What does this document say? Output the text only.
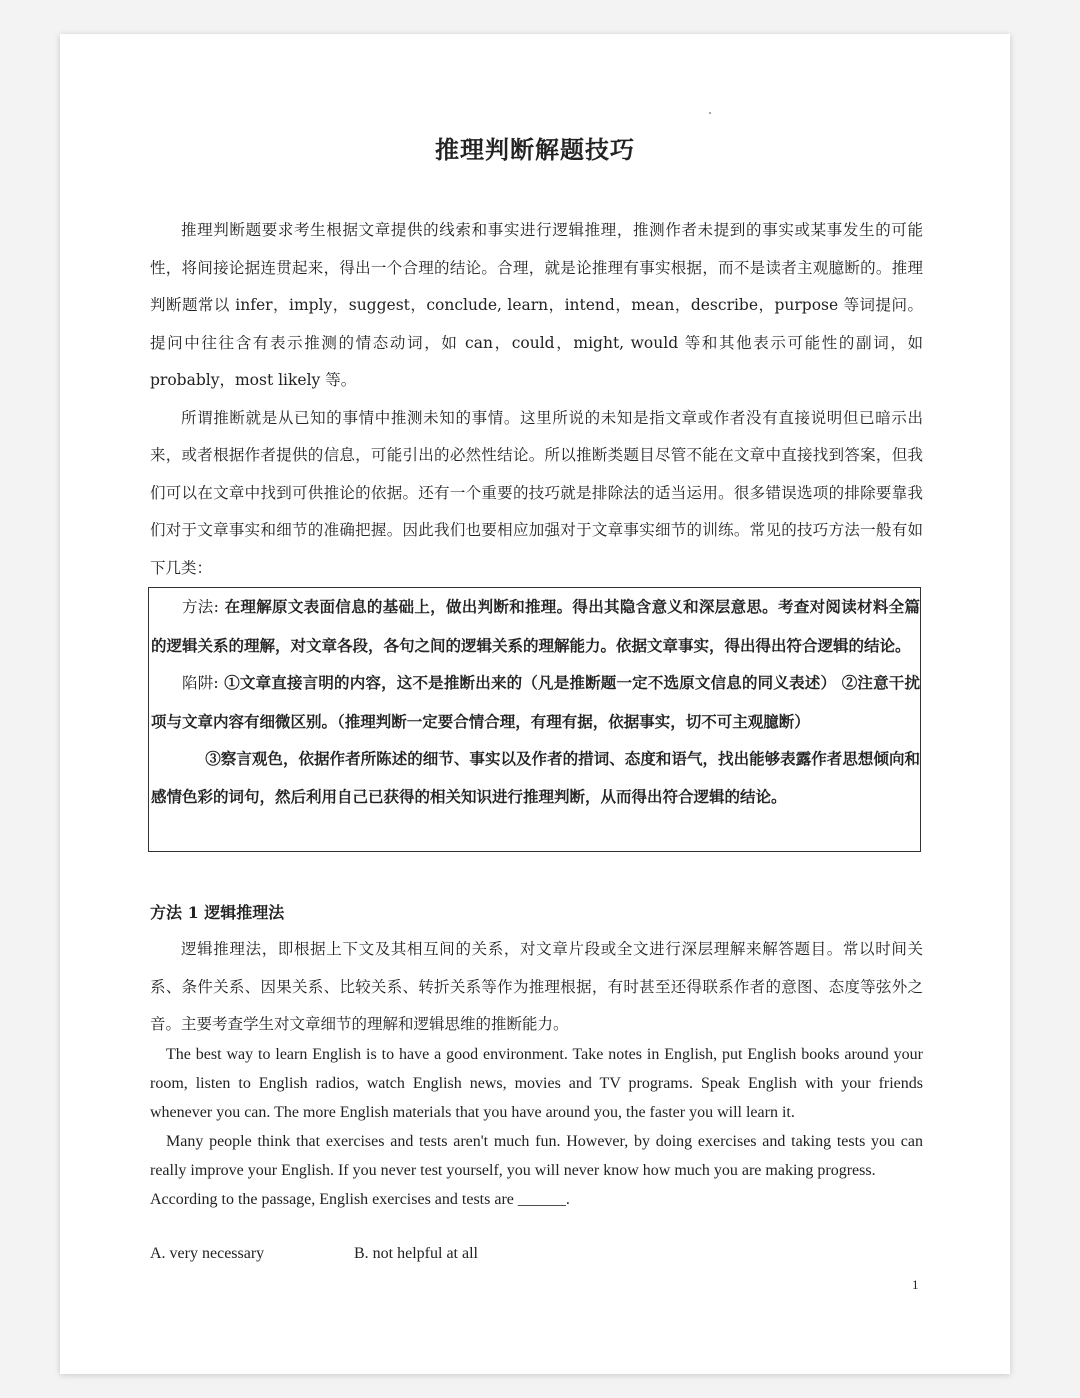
推理判断解题技巧

推理判断题要求考生根据文章提供的线索和事实进行逻辑推理，推测作者未提到的事实或某事发生的可能性，将间接论据连贯起来，得出一个合理的结论。合理，就是论推理有事实根据，而不是读者主观臆断的。推理判断题常以 infer，imply，suggest，conclude, learn，intend，mean，describe，purpose 等词提问。提问中往往含有表示推测的情态动词，如 can，could，might, would 等和其他表示可能性的副词，如probably，most likely 等。

所谓推断就是从已知的事情中推测未知的事情。这里所说的未知是指文章或作者没有直接说明但已暗示出来，或者根据作者提供的信息，可能引出的必然性结论。所以推断类题目尽管不能在文章中直接找到答案，但我们可以在文章中找到可供推论的依据。还有一个重要的技巧就是排除法的适当运用。很多错误选项的排除要靠我们对于文章事实和细节的准确把握。因此我们也要相应加强对于文章事实细节的训练。常见的技巧方法一般有如下几类：

方法: 在理解原文表面信息的基础上，做出判断和推理。得出其隐含意义和深层意思。考查对阅读材料全篇的逻辑关系的理解，对文章各段，各句之间的逻辑关系的理解能力。依据文章事实，得出得出符合逻辑的结论。

陷阱: ①文章直接言明的内容，这不是推断出来的（凡是推断题一定不选原文信息的同义表述） ②注意干扰项与文章内容有细微区别。（推理判断一定要合情合理，有理有据，依据事实，切不可主观臆断）

③察言观色，依据作者所陈述的细节、事实以及作者的措词、态度和语气，找出能够表露作者思想倾向和感情色彩的词句，然后利用自己已获得的相关知识进行推理判断，从而得出符合逻辑的结论。

方法 1 逻辑推理法

逻辑推理法，即根据上下文及其相互间的关系，对文章片段或全文进行深层理解来解答题目。常以时间关系、条件关系、因果关系、比较关系、转折关系等作为推理根据，有时甚至还得联系作者的意图、态度等弦外之音。主要考查学生对文章细节的理解和逻辑思维的推断能力。

The best way to learn English is to have a good environment. Take notes in English, put English books around your room, listen to English radios, watch English news, movies and TV programs. Speak English with your friends whenever you can. The more English materials that you have around you, the faster you will learn it.

Many people think that exercises and tests aren't much fun. However, by doing exercises and taking tests you can really improve your English. If you never test yourself, you will never know how much you are making progress.

According to the passage, English exercises and tests are ______.

A. very necessary	B. not helpful at all
1
